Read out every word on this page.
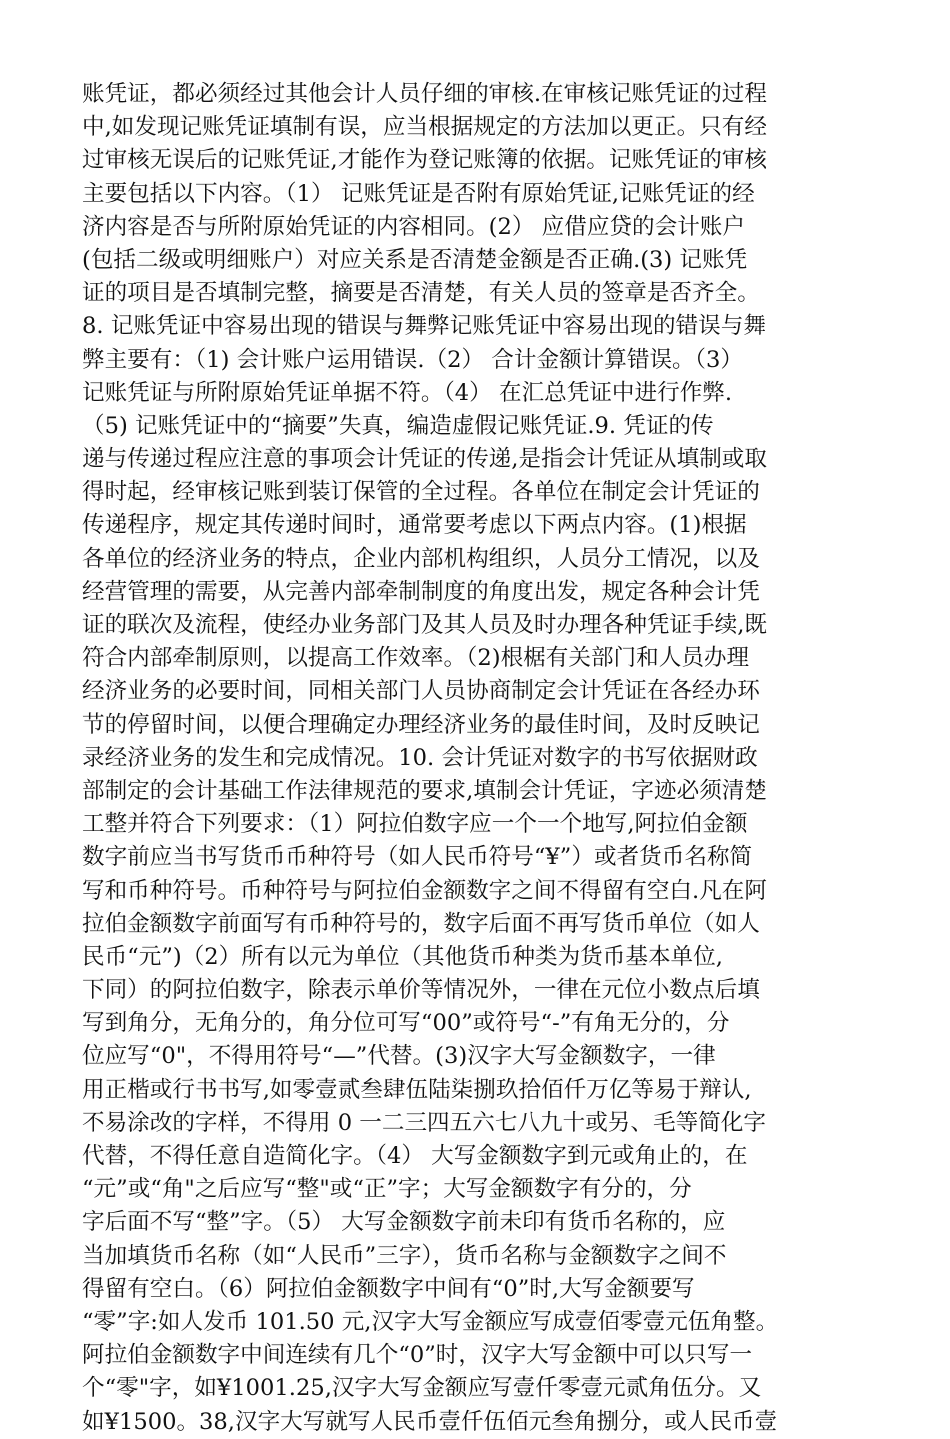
账凭证，都必须经过其他会计人员仔细的审核.在审核记账凭证的过程
中,如发现记账凭证填制有误，应当根据规定的方法加以更正。只有经
过审核无误后的记账凭证,才能作为登记账簿的依据。记账凭证的审核
主要包括以下内容。（1） 记账凭证是否附有原始凭证,记账凭证的经
济内容是否与所附原始凭证的内容相同。(2） 应借应贷的会计账户
(包括二级或明细账户）对应关系是否清楚金额是否正确.(3) 记账凭
证的项目是否填制完整，摘要是否清楚，有关人员的签章是否齐全。
8. 记账凭证中容易出现的错误与舞弊记账凭证中容易出现的错误与舞
弊主要有：（1) 会计账户运用错误.（2） 合计金额计算错误。（3）
记账凭证与所附原始凭证单据不符。（4） 在汇总凭证中进行作弊.
（5) 记账凭证中的“摘要”失真，编造虚假记账凭证.9. 凭证的传
递与传递过程应注意的事项会计凭证的传递,是指会计凭证从填制或取
得时起，经审核记账到装订保管的全过程。各单位在制定会计凭证的
传递程序，规定其传递时间时，通常要考虑以下两点内容。(1)根据
各单位的经济业务的特点，企业内部机构组织，人员分工情况，以及
经营管理的需要，从完善内部牵制制度的角度出发，规定各种会计凭
证的联次及流程，使经办业务部门及其人员及时办理各种凭证手续,既
符合内部牵制原则，以提高工作效率。（2)根椐有关部门和人员办理
经济业务的必要时间，同相关部门人员协商制定会计凭证在各经办环
节的停留时间，以便合理确定办理经济业务的最佳时间，及时反映记
录经济业务的发生和完成情况。10. 会计凭证对数字的书写依据财政
部制定的会计基础工作法律规范的要求,填制会计凭证，字迹必须清楚
工整并符合下列要求：（1）阿拉伯数字应一个一个地写,阿拉伯金额
数字前应当书写货币币种符号（如人民币符号“¥”）或者货币名称简
写和币种符号。币种符号与阿拉伯金额数字之间不得留有空白.凡在阿
拉伯金额数字前面写有币种符号的，数字后面不再写货币单位（如人
民币“元”)（2）所有以元为单位（其他货币种类为货币基本单位,
下同）的阿拉伯数字，除表示单价等情况外，一律在元位小数点后填
写到角分，无角分的，角分位可写“00”或符号“-”有角无分的，分
位应写“0"，不得用符号“—”代替。(3)汉字大写金额数字，一律
用正楷或行书书写,如零壹贰叁肆伍陆柒捌玖拾佰仟万亿等易于辩认,
不易涂改的字样，不得用 0 一二三四五六七八九十或另、毛等简化字
代替，不得任意自造简化字。（4） 大写金额数字到元或角止的，在
“元”或“角"之后应写“整"或“正”字；大写金额数字有分的，分
字后面不写“整”字。（5） 大写金额数字前未印有货币名称的，应
当加填货币名称（如“人民币”三字），货币名称与金额数字之间不
得留有空白。（6）阿拉伯金额数字中间有“0”时,大写金额要写
“零”字:如人发币 101.50 元,汉字大写金额应写成壹佰零壹元伍角整。
阿拉伯金额数字中间连续有几个“0”时，汉字大写金额中可以只写一
个“零"字，如¥1001.25,汉字大写金额应写壹仟零壹元贰角伍分。又
如¥1500。38,汉字大写就写人民币壹仟伍佰元叁角捌分，或人民币壹
